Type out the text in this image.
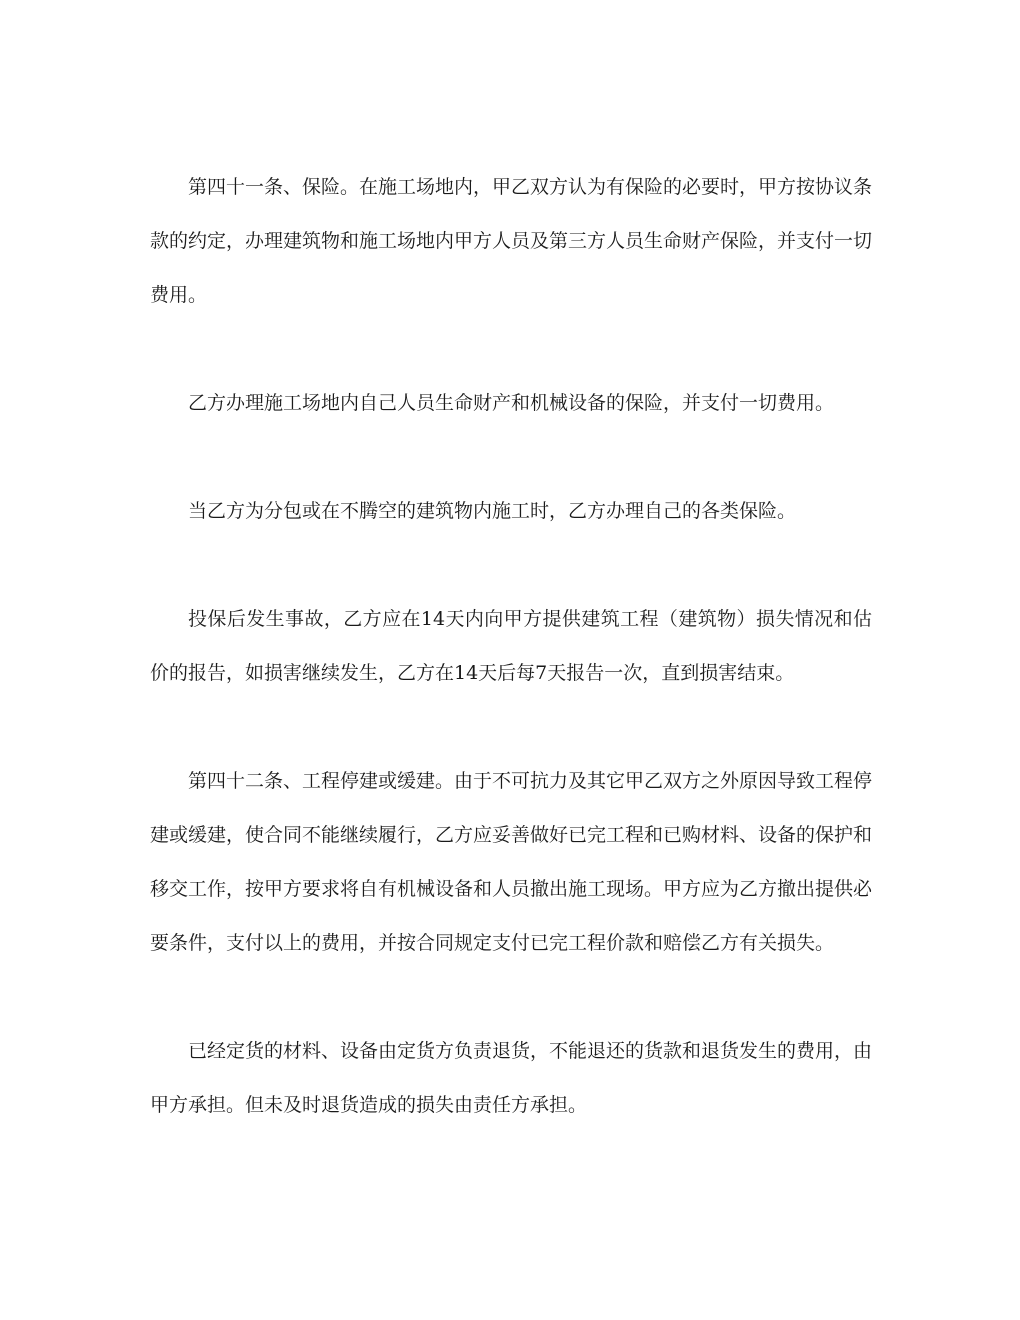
第四十一条、保险。在施工场地内，甲乙双方认为有保险的必要时，甲方按协议条款的约定，办理建筑物和施工场地内甲方人员及第三方人员生命财产保险，并支付一切费用。

乙方办理施工场地内自己人员生命财产和机械设备的保险，并支付一切费用。

当乙方为分包或在不腾空的建筑物内施工时，乙方办理自己的各类保险。

投保后发生事故，乙方应在14天内向甲方提供建筑工程（建筑物）损失情况和估价的报告，如损害继续发生，乙方在14天后每7天报告一次，直到损害结束。

第四十二条、工程停建或缓建。由于不可抗力及其它甲乙双方之外原因导致工程停建或缓建，使合同不能继续履行，乙方应妥善做好已完工程和已购材料、设备的保护和移交工作，按甲方要求将自有机械设备和人员撤出施工现场。甲方应为乙方撤出提供必要条件，支付以上的费用，并按合同规定支付已完工程价款和赔偿乙方有关损失。

已经定货的材料、设备由定货方负责退货，不能退还的货款和退货发生的费用，由甲方承担。但未及时退货造成的损失由责任方承担。
